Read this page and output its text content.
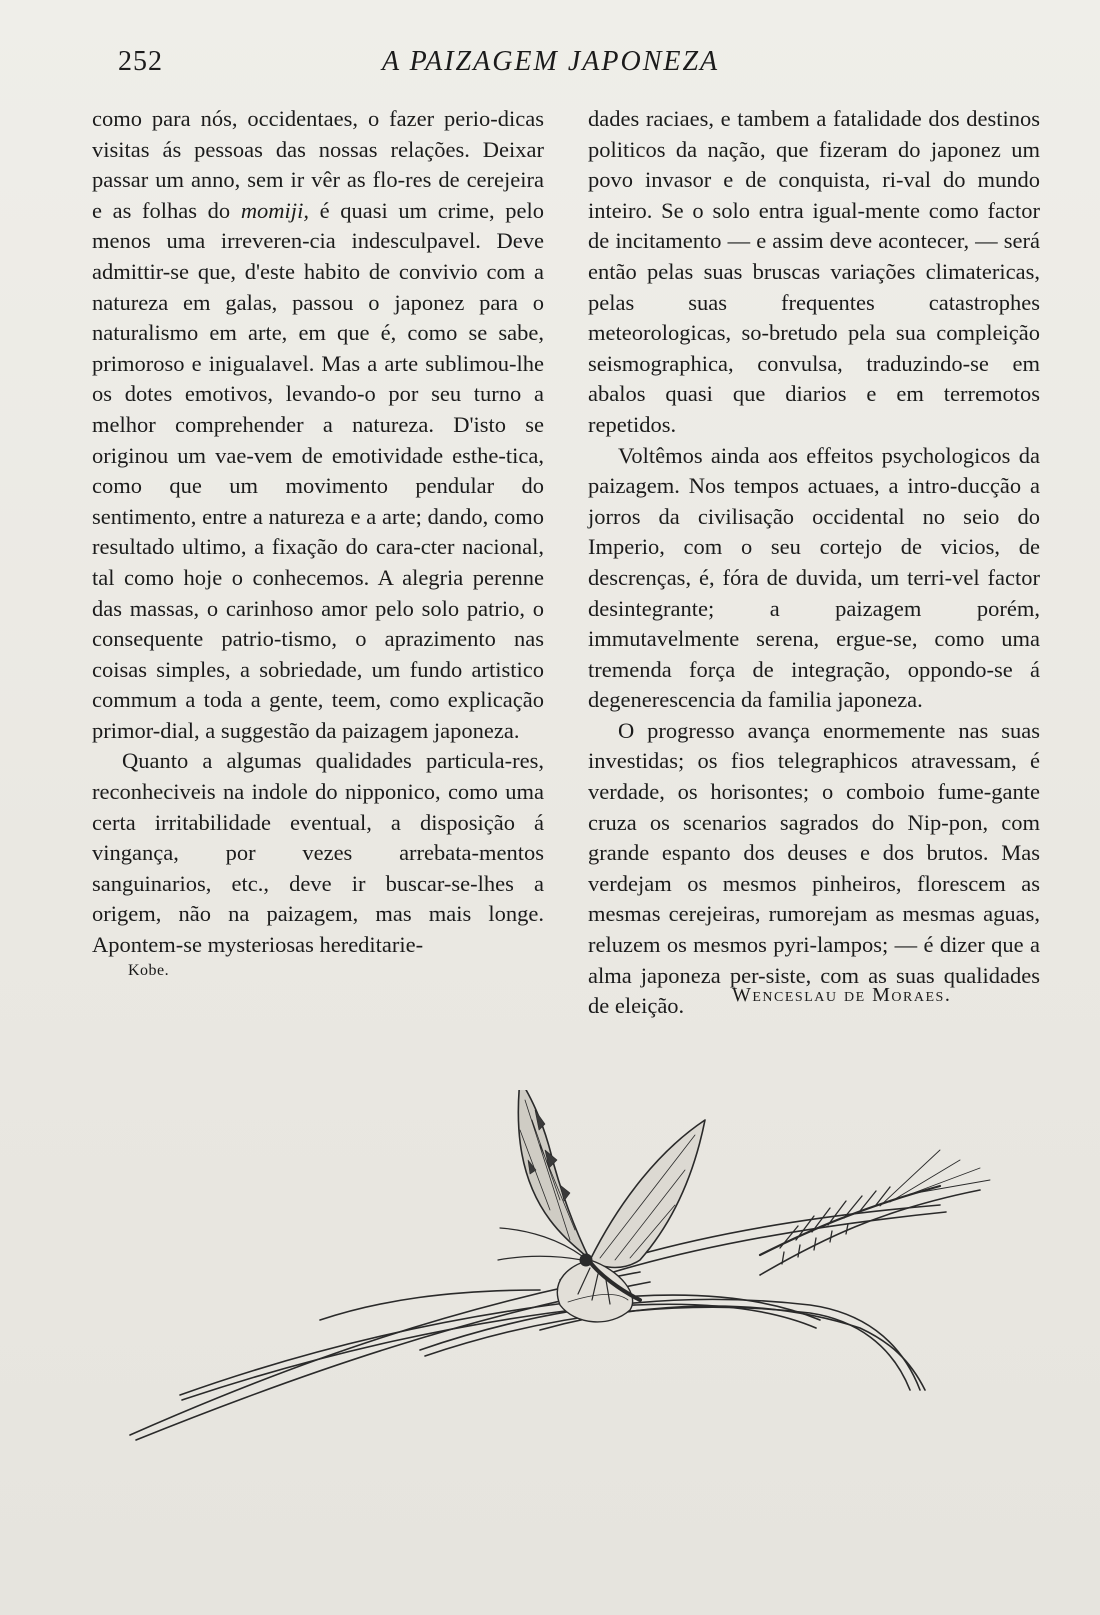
252	A PAIZAGEM JAPONEZA

como para nós, occidentaes, o fazer perio-dicas visitas ás pessoas das nossas relações. Deixar passar um anno, sem ir vêr as flo-res de cerejeira e as folhas do momiji, é quasi um crime, pelo menos uma irreveren-cia indesculpavel. Deve admittir-se que, d'este habito de convivio com a natureza em galas, passou o japonez para o naturalismo em arte, em que é, como se sabe, primoroso e inigualavel. Mas a arte sublimou-lhe os dotes emotivos, levando-o por seu turno a melhor comprehender a natureza. D'isto se originou um vae-vem de emotividade esthe-tica, como que um movimento pendular do sentimento, entre a natureza e a arte; dando, como resultado ultimo, a fixação do cara-cter nacional, tal como hoje o conhecemos. A alegria perenne das massas, o carinhoso amor pelo solo patrio, o consequente patrio-tismo, o aprazimento nas coisas simples, a sobriedade, um fundo artistico commum a toda a gente, teem, como explicação primor-dial, a suggestão da paizagem japoneza.

Quanto a algumas qualidades particula-res, reconheciveis na indole do nipponico, como uma certa irritabilidade eventual, a disposição á vingança, por vezes arrebata-mentos sanguinarios, etc., deve ir buscar-se-lhes a origem, não na paizagem, mas mais longe. Apontem-se mysteriosas hereditarie-

dades raciaes, e tambem a fatalidade dos destinos politicos da nação, que fizeram do japonez um povo invasor e de conquista, ri-val do mundo inteiro. Se o solo entra igual-mente como factor de incitamento — e assim deve acontecer, — será então pelas suas bruscas variações climatericas, pelas suas frequentes catastrophes meteorologicas, so-bretudo pela sua compleição seismographica, convulsa, traduzindo-se em abalos quasi que diarios e em terremotos repetidos.

Voltêmos ainda aos effeitos psychologicos da paizagem. Nos tempos actuaes, a intro-ducção a jorros da civilisação occidental no seio do Imperio, com o seu cortejo de vicios, de descrenças, é, fóra de duvida, um terri-vel factor desintegrante; a paizagem porém, immutavelmente serena, ergue-se, como uma tremenda força de integração, oppondo-se á degenerescencia da familia japoneza.

O progresso avança enormemente nas suas investidas; os fios telegraphicos atravessam, é verdade, os horisontes; o comboio fume-gante cruza os scenarios sagrados do Nip-pon, com grande espanto dos deuses e dos brutos. Mas verdejam os mesmos pinheiros, florescem as mesmas cerejeiras, rumorejam as mesmas aguas, reluzem os mesmos pyri-lampos; — é dizer que a alma japoneza per-siste, com as suas qualidades de eleição.

Kobe.
Wenceslau de Moraes.
